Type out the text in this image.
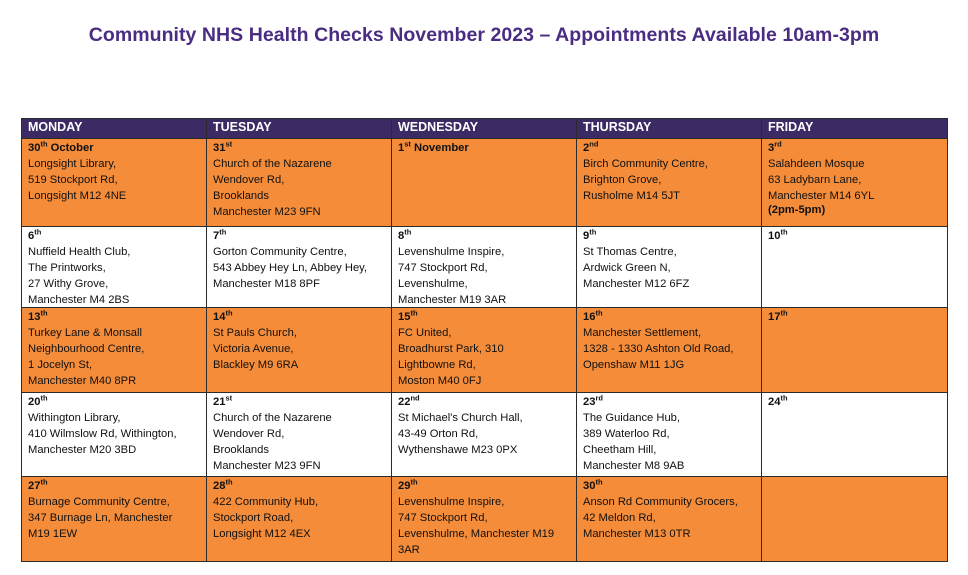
Community NHS Health Checks November 2023 – Appointments Available 10am-3pm
MONDAY	TUESDAY	WEDNESDAY	THURSDAY	FRIDAY
30th October
Longsight Library,
519 Stockport Rd,
Longsight M12 4NE	31st
Church of the Nazarene
Wendover Rd,
Brooklands
Manchester M23 9FN	1st November	2nd
Birch Community Centre,
Brighton Grove,
Rusholme M14 5JT	3rd
Salahdeen Mosque
63 Ladybarn Lane,
Manchester M14 6YL
(2pm-5pm)

6th
Nuffield Health Club,
The Printworks,
27 Withy Grove,
Manchester M4 2BS	7th
Gorton Community Centre,
543 Abbey Hey Ln, Abbey Hey,
Manchester M18 8PF	8th
Levenshulme Inspire,
747 Stockport Rd,
Levenshulme,
Manchester M19 3AR	9th
St Thomas Centre,
Ardwick Green N,
Manchester M12 6FZ	10th
13th
Turkey Lane & Monsall
Neighbourhood Centre,
1 Jocelyn St,
Manchester M40 8PR	14th
St Pauls Church,
Victoria Avenue,
Blackley M9 6RA	15th
FC United,
Broadhurst Park, 310
Lightbowne Rd,
Moston M40 0FJ	16th
Manchester Settlement,
1328 - 1330 Ashton Old Road,
Openshaw M11 1JG	17th
20th
Withington Library,
410 Wilmslow Rd, Withington,
Manchester M20 3BD	21st
Church of the Nazarene
Wendover Rd,
Brooklands
Manchester M23 9FN	22nd
St Michael's Church Hall,
43-49 Orton Rd,
Wythenshawe M23 0PX	23rd
The Guidance Hub,
389 Waterloo Rd,
Cheetham Hill,
Manchester M8 9AB	24th
27th
Burnage Community Centre,
347 Burnage Ln, Manchester
M19 1EW	28th
422 Community Hub,
Stockport Road,
Longsight M12 4EX	29th
Levenshulme Inspire,
747 Stockport Rd,
Levenshulme, Manchester M19
3AR	30th
Anson Rd Community Grocers,
42 Meldon Rd,
Manchester M13 0TR	
